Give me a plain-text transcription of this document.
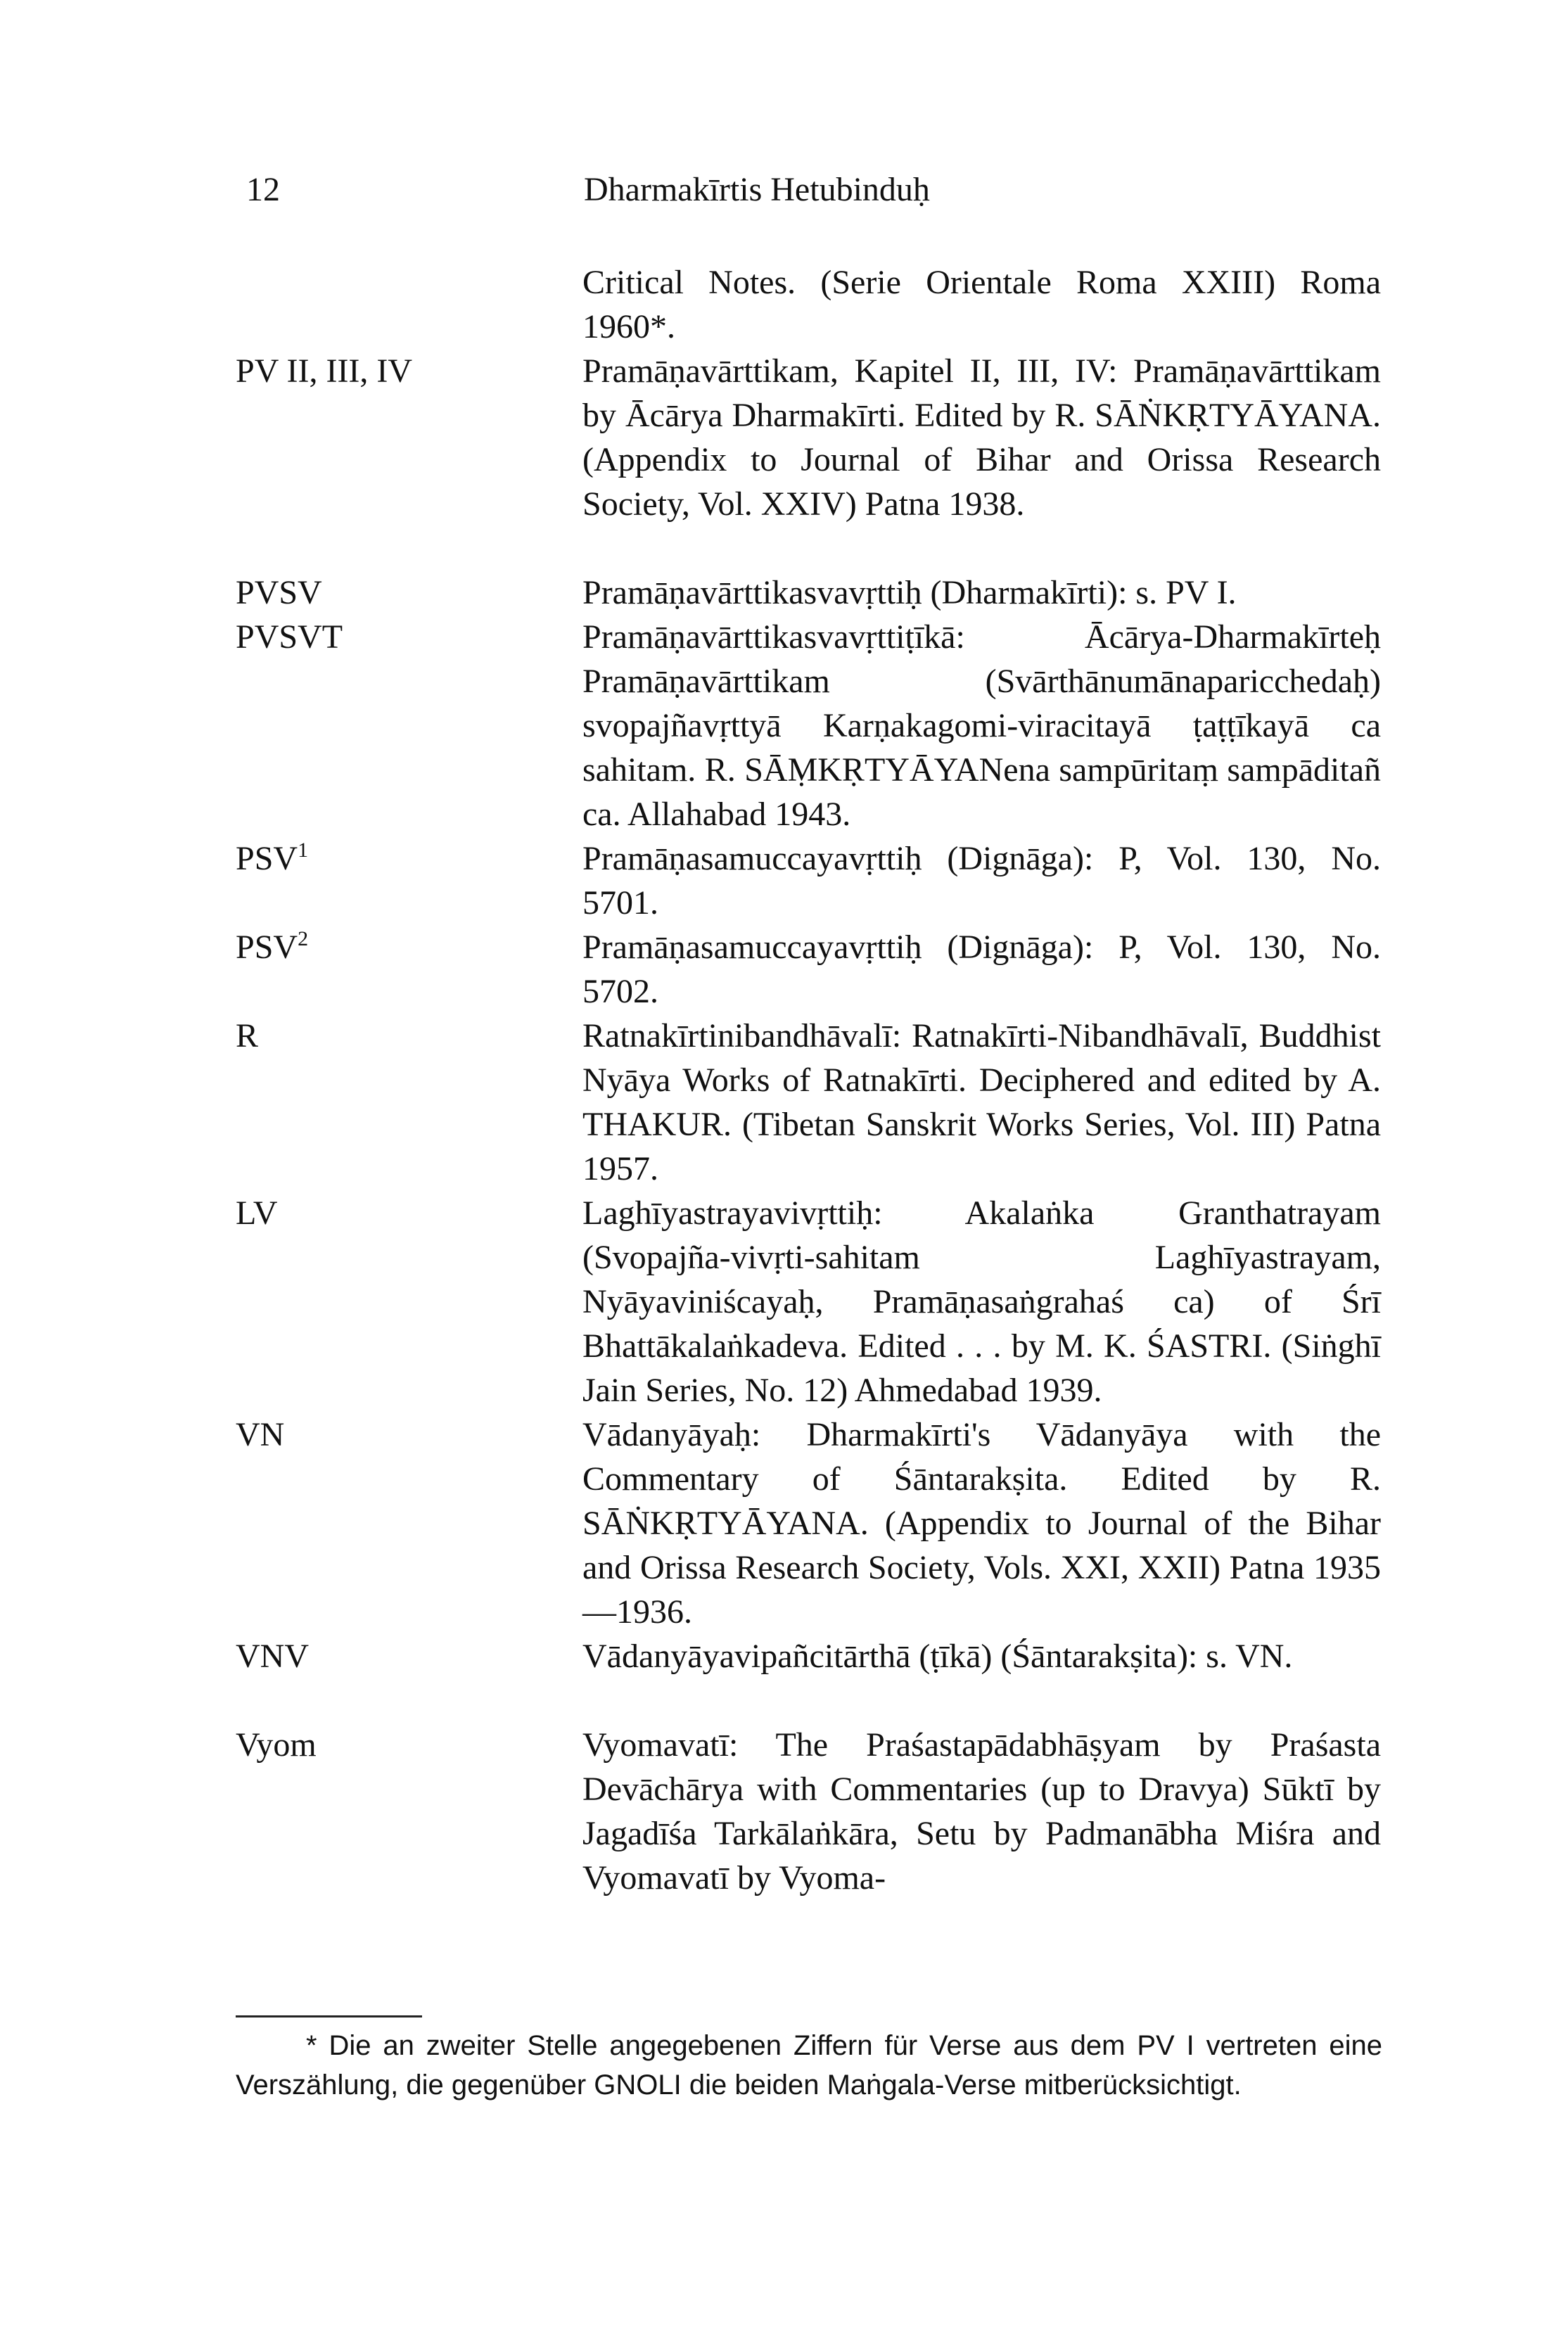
12	Dharmakīrtis Hetubinduḥ
Critical Notes. (Serie Orientale Roma XXIII) Roma 1960*.
PV II, III, IV	Pramāṇavārttikam, Kapitel II, III, IV: Pramāṇavārttikam by Ācārya Dharmakīrti. Edited by R. SĀṄKṚTYĀYANA. (Appendix to Journal of Bihar and Orissa Research Society, Vol. XXIV) Patna 1938.
PVSV	Pramāṇavārttikasvavṛttiḥ (Dharmakīrti): s. PV I.
PVSVT	Pramāṇavārttikasvavṛttiṭīkā: Ācārya-Dharmakīrteḥ Pramāṇavārttikam (Svārthānumānaparicchedaḥ) svopajñavṛttyā Karṇakagomi-viracitayā ṭaṭṭīkayā ca sahitam. R. SĀṂKṚTYĀYANena sampūritaṃ sampāditañ ca. Allahabad 1943.
PSV$^1$	Pramāṇasamuccayavṛttiḥ (Dignāga): P, Vol. 130, No. 5701.
PSV$^2$	Pramāṇasamuccayavṛttiḥ (Dignāga): P, Vol. 130, No. 5702.
R	Ratnakīrtinibandhāvalī: Ratnakīrti-Nibandhāvalī, Buddhist Nyāya Works of Ratnakīrti. Deciphered and edited by A. THAKUR. (Tibetan Sanskrit Works Series, Vol. III) Patna 1957.
LV	Laghīyastrayavivṛttiḥ: Akalaṅka Granthatrayam (Svopajña-vivṛti-sahitam Laghīyastrayam, Nyāyaviniścayaḥ, Pramāṇasaṅgrahaś ca) of Śrī Bhattākalaṅkadeva. Edited . . . by M. K. ŚASTRI. (Siṅghī Jain Series, No. 12) Ahmedabad 1939.
VN	Vādanyāyaḥ: Dharmakīrti's Vādanyāya with the Commentary of Śāntarakṣita. Edited by R. SĀṄKṚTYĀYANA. (Appendix to Journal of the Bihar and Orissa Research Society, Vols. XXI, XXII) Patna 1935—1936.
VNV	Vādanyāyavipañcitārthā (ṭīkā) (Śāntarakṣita): s. VN.
Vyom	Vyomavatī: The Praśastapādabhāṣyam by Praśasta Devāchārya with Commentaries (up to Dravya) Sūktī by Jagadīśa Tarkālaṅkāra, Setu by Padmanābha Miśra and Vyomavatī by Vyoma-
* Die an zweiter Stelle angegebenen Ziffern für Verse aus dem PV I vertreten eine Verszählung, die gegenüber GNOLI die beiden Maṅgala-Verse mitberücksichtigt.
